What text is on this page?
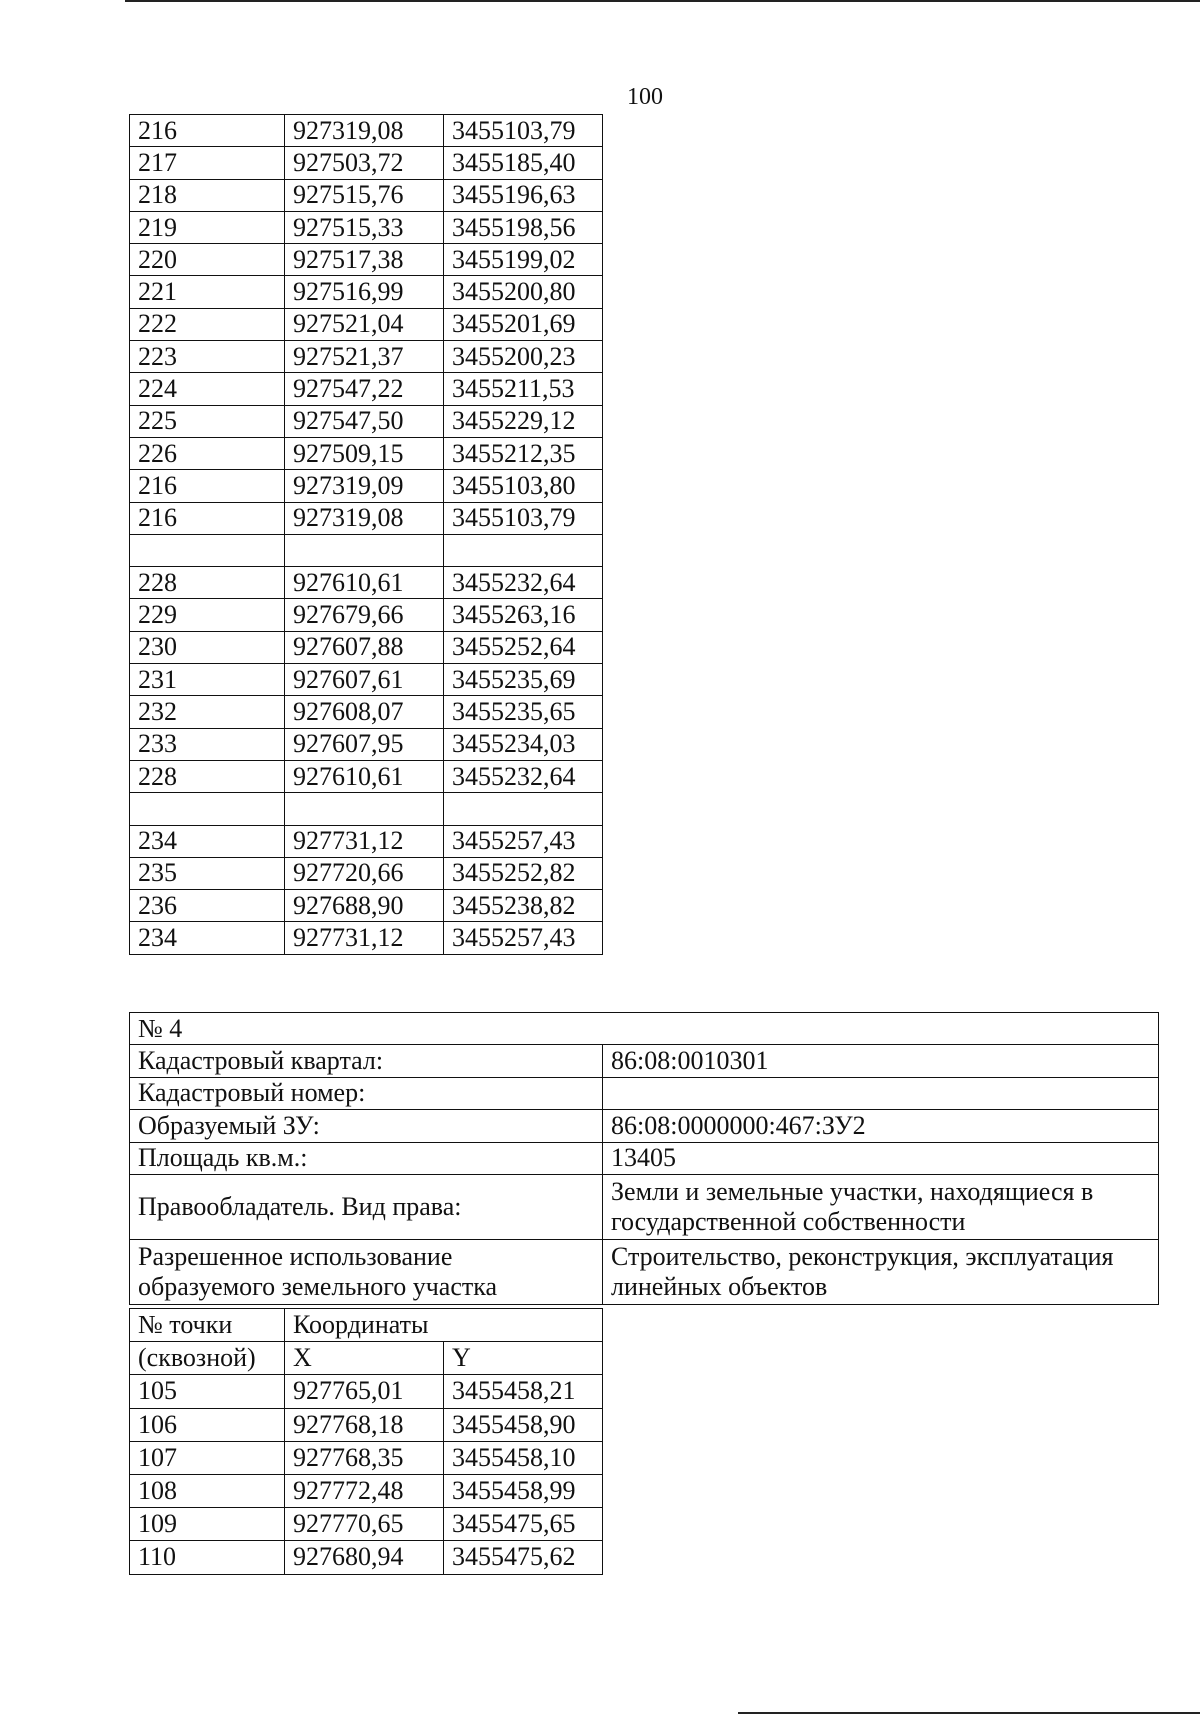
100
216	927319,08	3455103,79
217	927503,72	3455185,40
218	927515,76	3455196,63
219	927515,33	3455198,56
220	927517,38	3455199,02
221	927516,99	3455200,80
222	927521,04	3455201,69
223	927521,37	3455200,23
224	927547,22	3455211,53
225	927547,50	3455229,12
226	927509,15	3455212,35
216	927319,09	3455103,80
216	927319,08	3455103,79

228	927610,61	3455232,64
229	927679,66	3455263,16
230	927607,88	3455252,64
231	927607,61	3455235,69
232	927608,07	3455235,65
233	927607,95	3455234,03
228	927610,61	3455232,64

234	927731,12	3455257,43
235	927720,66	3455252,82
236	927688,90	3455238,82
234	927731,12	3455257,43
№ 4	
Кадастровый квартал:	86:08:0010301
Кадастровый номер:	
Образуемый ЗУ:	86:08:0000000:467:ЗУ2
Площадь кв.м.:	13405
Правообладатель. Вид права:	Земли и земельные участки, находящиеся в государственной собственности
Разрешенное использование образуемого земельного участка	Строительство, реконструкция, эксплуатация линейных объектов
№ точки	Координаты	
(сквозной)	X	Y
105	927765,01	3455458,21
106	927768,18	3455458,90
107	927768,35	3455458,10
108	927772,48	3455458,99
109	927770,65	3455475,65
110	927680,94	3455475,62
